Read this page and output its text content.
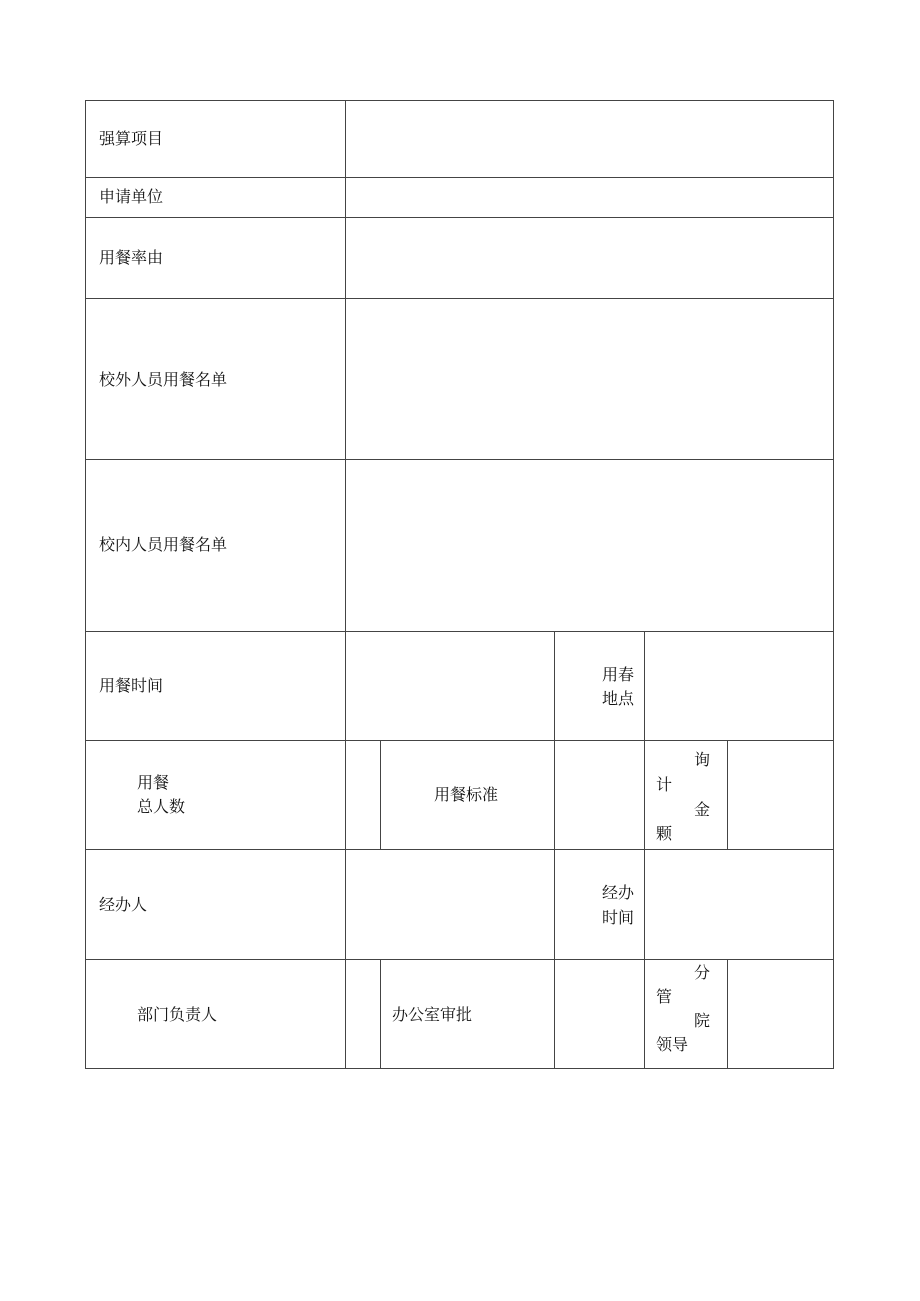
强算项目
申请单位
用餐率由
校外人员用餐名单
校内人员用餐名单
用餐时间
用春
地点
用餐
总人数
用餐标准
询
计
金
颗
经办人
经办
时间
部门负责人	办公室审批
分
管
院
领导
